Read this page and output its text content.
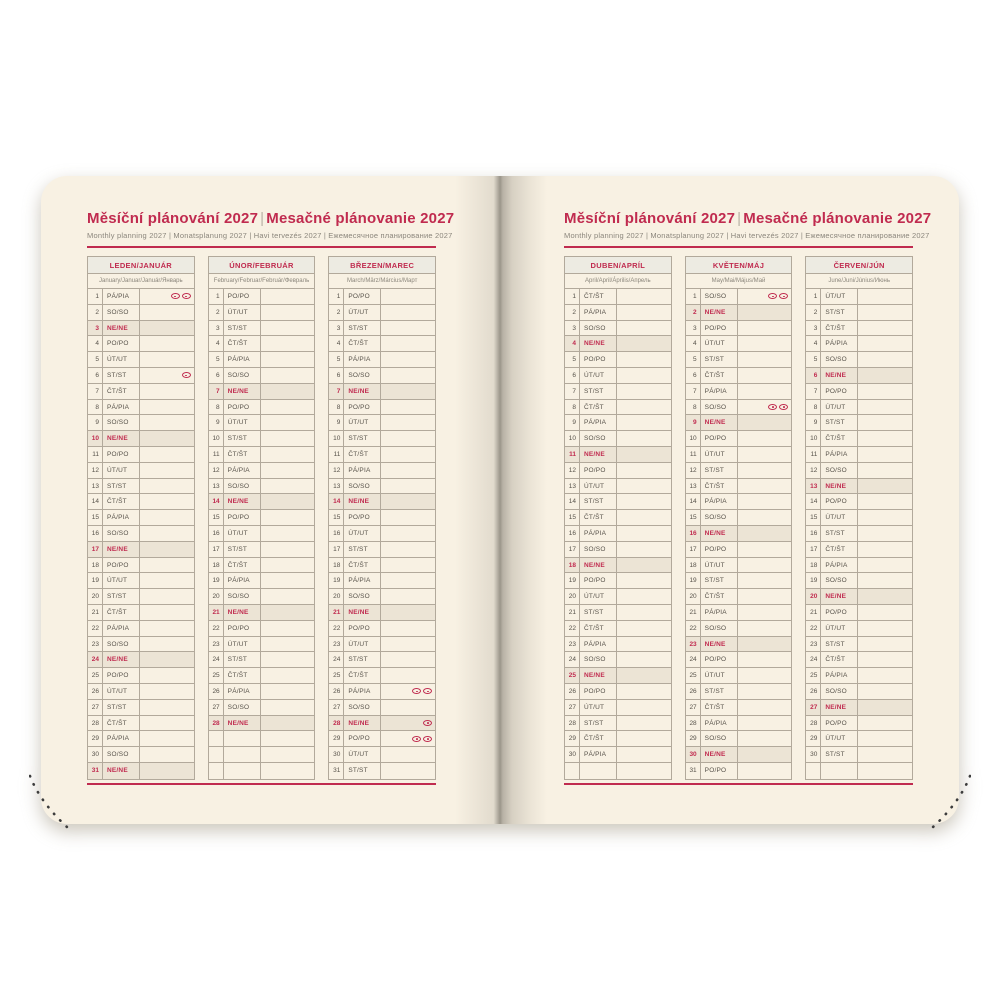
Měsíční plánování 2027 | Mesačné plánovanie 2027
Monthly planning 2027 | Monatsplanung 2027 | Havi tervezés 2027 | Ежемесячное планирование 2027
LEDEN/JANUÁR
January/Januar/Január/Январь
1	PÁ/PIA
2	SO/SO
3	NE/NE
4	PO/PO
5	ÚT/UT
6	ST/ST
7	ČT/ŠT
8	PÁ/PIA
9	SO/SO
10	NE/NE
11	PO/PO
12	ÚT/UT
13	ST/ST
14	ČT/ŠT
15	PÁ/PIA
16	SO/SO
17	NE/NE
18	PO/PO
19	ÚT/UT
20	ST/ST
21	ČT/ŠT
22	PÁ/PIA
23	SO/SO
24	NE/NE
25	PO/PO
26	ÚT/UT
27	ST/ST
28	ČT/ŠT
29	PÁ/PIA
30	SO/SO
31	NE/NE
ÚNOR/FEBRUÁR
February/Februar/Február/Февраль
1	PO/PO
2	ÚT/UT
3	ST/ST
4	ČT/ŠT
5	PÁ/PIA
6	SO/SO
7	NE/NE
8	PO/PO
9	ÚT/UT
10	ST/ST
11	ČT/ŠT
12	PÁ/PIA
13	SO/SO
14	NE/NE
15	PO/PO
16	ÚT/UT
17	ST/ST
18	ČT/ŠT
19	PÁ/PIA
20	SO/SO
21	NE/NE
22	PO/PO
23	ÚT/UT
24	ST/ST
25	ČT/ŠT
26	PÁ/PIA
27	SO/SO
28	NE/NE
BŘEZEN/MAREC
March/März/Március/Март
1	PO/PO
2	ÚT/UT
3	ST/ST
4	ČT/ŠT
5	PÁ/PIA
6	SO/SO
7	NE/NE
8	PO/PO
9	ÚT/UT
10	ST/ST
11	ČT/ŠT
12	PÁ/PIA
13	SO/SO
14	NE/NE
15	PO/PO
16	ÚT/UT
17	ST/ST
18	ČT/ŠT
19	PÁ/PIA
20	SO/SO
21	NE/NE
22	PO/PO
23	ÚT/UT
24	ST/ST
25	ČT/ŠT
26	PÁ/PIA
27	SO/SO
28	NE/NE
29	PO/PO
30	ÚT/UT
31	ST/ST
Měsíční plánování 2027 | Mesačné plánovanie 2027
Monthly planning 2027 | Monatsplanung 2027 | Havi tervezés 2027 | Ежемесячное планирование 2027
DUBEN/APRÍL
April/April/Április/Апрель
1	ČT/ŠT
2	PÁ/PIA
3	SO/SO
4	NE/NE
5	PO/PO
6	ÚT/UT
7	ST/ST
8	ČT/ŠT
9	PÁ/PIA
10	SO/SO
11	NE/NE
12	PO/PO
13	ÚT/UT
14	ST/ST
15	ČT/ŠT
16	PÁ/PIA
17	SO/SO
18	NE/NE
19	PO/PO
20	ÚT/UT
21	ST/ST
22	ČT/ŠT
23	PÁ/PIA
24	SO/SO
25	NE/NE
26	PO/PO
27	ÚT/UT
28	ST/ST
29	ČT/ŠT
30	PÁ/PIA
KVĚTEN/MÁJ
May/Mai/Május/Май
1	SO/SO
2	NE/NE
3	PO/PO
4	ÚT/UT
5	ST/ST
6	ČT/ŠT
7	PÁ/PIA
8	SO/SO
9	NE/NE
10	PO/PO
11	ÚT/UT
12	ST/ST
13	ČT/ŠT
14	PÁ/PIA
15	SO/SO
16	NE/NE
17	PO/PO
18	ÚT/UT
19	ST/ST
20	ČT/ŠT
21	PÁ/PIA
22	SO/SO
23	NE/NE
24	PO/PO
25	ÚT/UT
26	ST/ST
27	ČT/ŠT
28	PÁ/PIA
29	SO/SO
30	NE/NE
31	PO/PO
ČERVEN/JÚN
June/Juni/Június/Июнь
1	ÚT/UT
2	ST/ST
3	ČT/ŠT
4	PÁ/PIA
5	SO/SO
6	NE/NE
7	PO/PO
8	ÚT/UT
9	ST/ST
10	ČT/ŠT
11	PÁ/PIA
12	SO/SO
13	NE/NE
14	PO/PO
15	ÚT/UT
16	ST/ST
17	ČT/ŠT
18	PÁ/PIA
19	SO/SO
20	NE/NE
21	PO/PO
22	ÚT/UT
23	ST/ST
24	ČT/ŠT
25	PÁ/PIA
26	SO/SO
27	NE/NE
28	PO/PO
29	ÚT/UT
30	ST/ST
